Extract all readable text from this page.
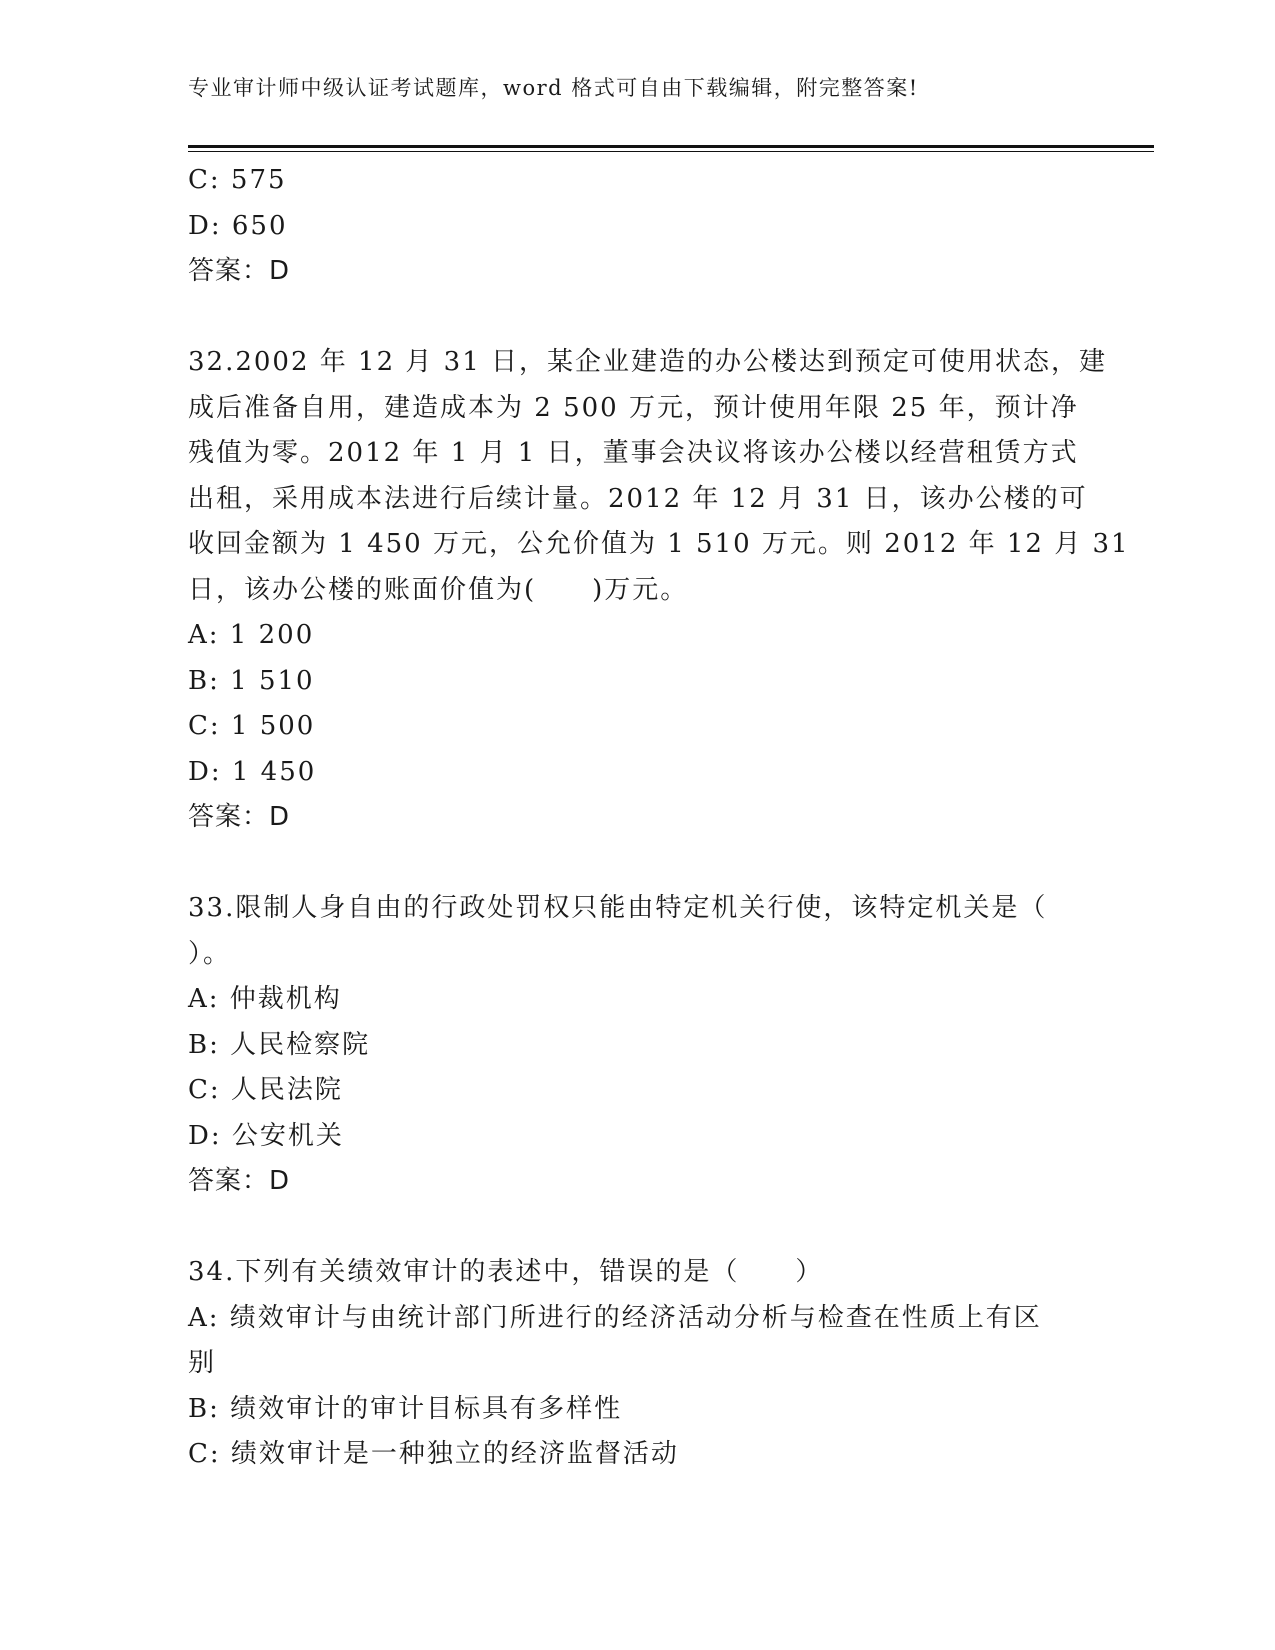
专业审计师中级认证考试题库，word 格式可自由下载编辑，附完整答案!
C: 575
D: 650
答案：D
32.2002 年 12 月 31 日，某企业建造的办公楼达到预定可使用状态，建
成后准备自用，建造成本为 2 500 万元，预计使用年限 25 年，预计净
残值为零。2012 年 1 月 1 日，董事会决议将该办公楼以经营租赁方式
出租，采用成本法进行后续计量。2012 年 12 月 31 日，该办公楼的可
收回金额为 1 450 万元，公允价值为 1 510 万元。则 2012 年 12 月 31
日，该办公楼的账面价值为(　　)万元。
A: 1 200
B: 1 510
C: 1 500
D: 1 450
答案：D
33.限制人身自由的行政处罚权只能由特定机关行使，该特定机关是（
）。
A: 仲裁机构
B: 人民检察院
C: 人民法院
D: 公安机关
答案：D
34.下列有关绩效审计的表述中，错误的是（　　）
A: 绩效审计与由统计部门所进行的经济活动分析与检查在性质上有区
别
B: 绩效审计的审计目标具有多样性
C: 绩效审计是一种独立的经济监督活动
